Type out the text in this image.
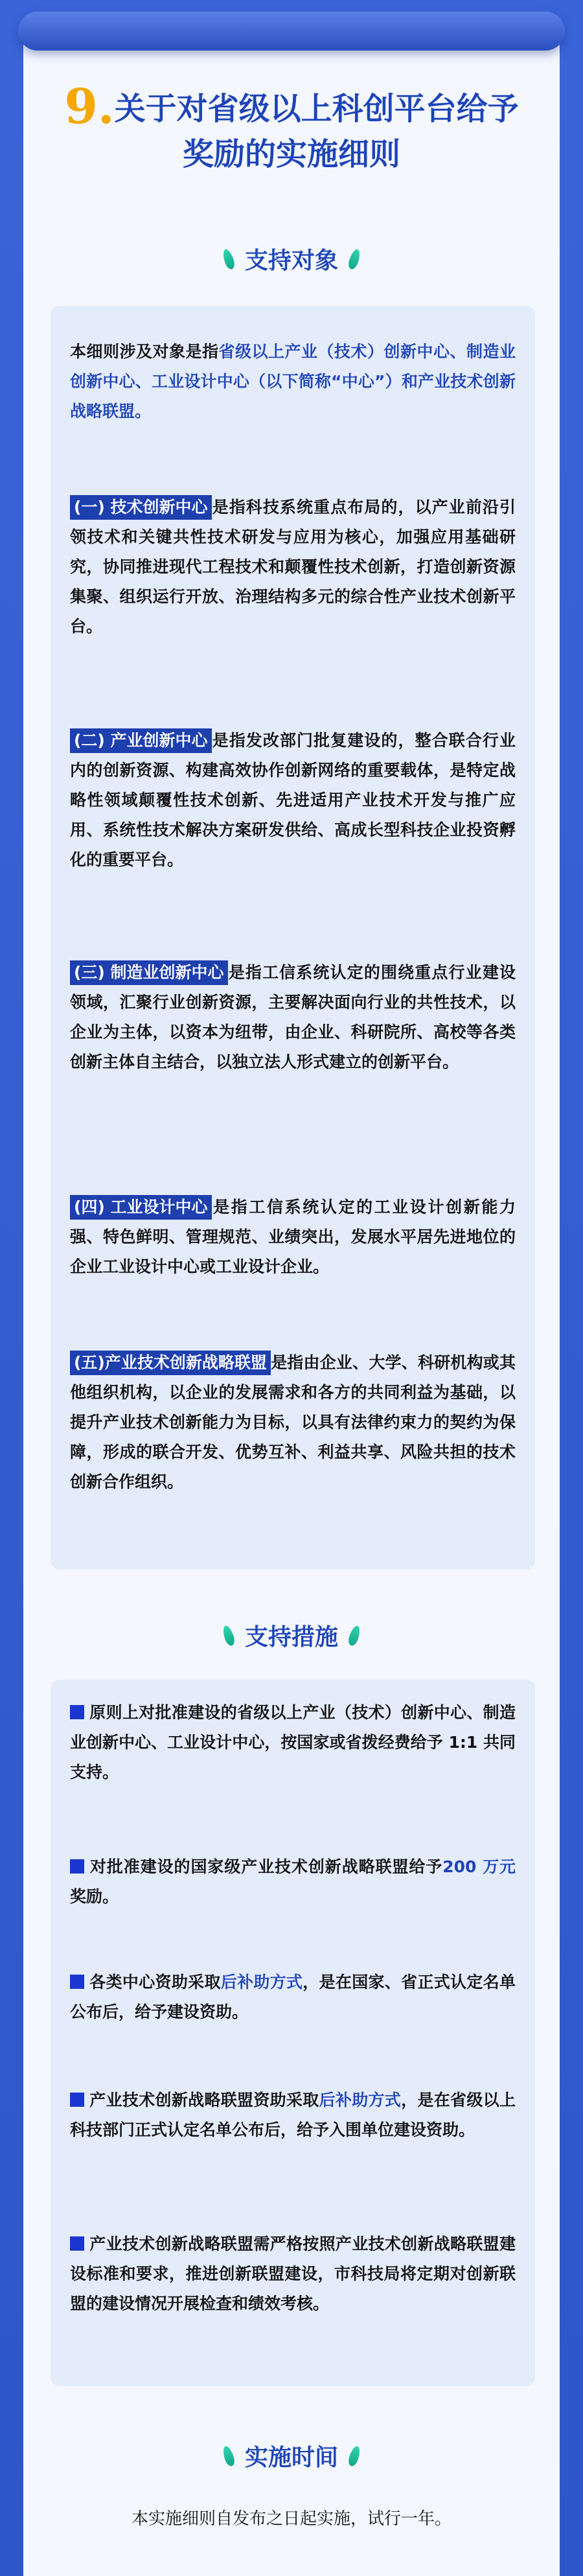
9.关于对省级以上科创平台给予
奖励的实施细则
支持对象
本细则涉及对象是指省级以上产业（技术）创新中心、制造业创新中心、工业设计中心（以下简称“中心”）和产业技术创新战略联盟。
(一) 技术创新中心 是指科技系统重点布局的，以产业前沿引领技术和关键共性技术研发与应用为核心，加强应用基础研究，协同推进现代工程技术和颠覆性技术创新，打造创新资源集聚、组织运行开放、治理结构多元的综合性产业技术创新平台。
(二) 产业创新中心 是指发改部门批复建设的，整合联合行业内的创新资源、构建高效协作创新网络的重要载体，是特定战略性领域颠覆性技术创新、先进适用产业技术开发与推广应用、系统性技术解决方案研发供给、高成长型科技企业投资孵化的重要平台。
(三) 制造业创新中心 是指工信系统认定的围绕重点行业建设领域，汇聚行业创新资源，主要解决面向行业的共性技术，以企业为主体，以资本为纽带，由企业、科研院所、高校等各类创新主体自主结合，以独立法人形式建立的创新平台。
(四) 工业设计中心 是指工信系统认定的工业设计创新能力强、特色鲜明、管理规范、业绩突出，发展水平居先进地位的企业工业设计中心或工业设计企业。
(五)产业技术创新战略联盟 是指由企业、大学、科研机构或其他组织机构，以企业的发展需求和各方的共同利益为基础，以提升产业技术创新能力为目标，以具有法律约束力的契约为保障，形成的联合开发、优势互补、利益共享、风险共担的技术创新合作组织。
支持措施
原则上对批准建设的省级以上产业（技术）创新中心、制造业创新中心、工业设计中心，按国家或省拨经费给予 1:1 共同支持。
对批准建设的国家级产业技术创新战略联盟给予200 万元奖励。
各类中心资助采取后补助方式，是在国家、省正式认定名单公布后，给予建设资助。
产业技术创新战略联盟资助采取后补助方式，是在省级以上科技部门正式认定名单公布后，给予入围单位建设资助。
产业技术创新战略联盟需严格按照产业技术创新战略联盟建设标准和要求，推进创新联盟建设，市科技局将定期对创新联盟的建设情况开展检查和绩效考核。
实施时间
本实施细则自发布之日起实施，试行一年。
